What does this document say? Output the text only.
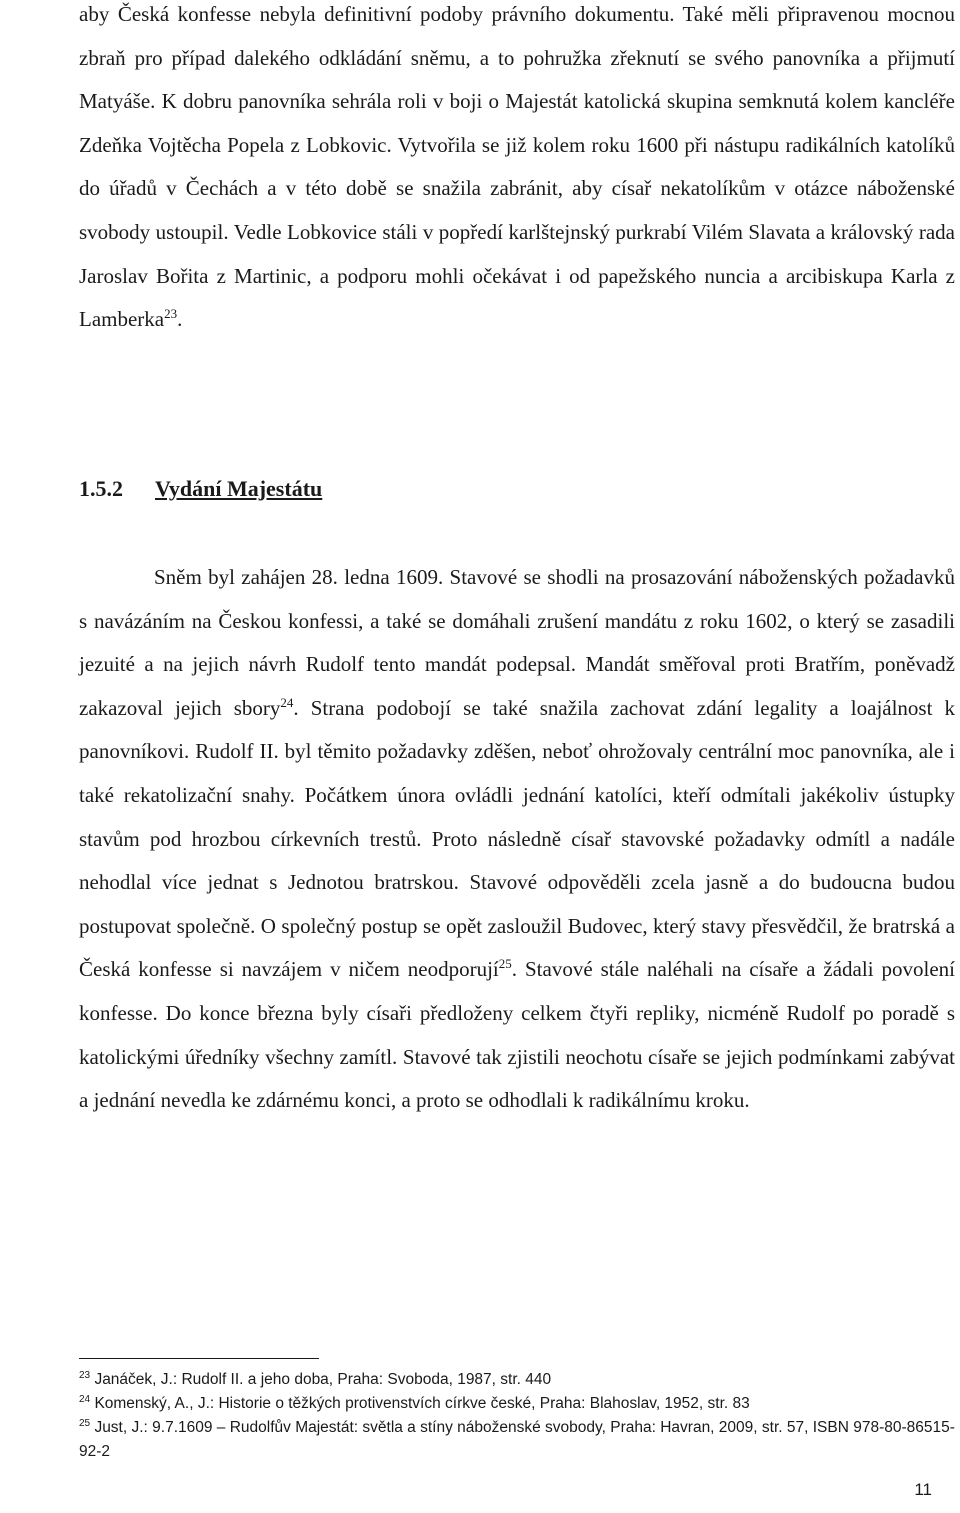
aby Česká konfesse nebyla definitivní podoby právního dokumentu. Také měli připravenou mocnou zbraň pro případ dalekého odkládání sněmu, a to pohružka zřeknutí se svého panovníka a přijmutí Matyáše. K dobru panovníka sehrála roli v boji o Majestát katolická skupina semknutá kolem kancléře Zdeňka Vojtěcha Popela z Lobkovic. Vytvořila se již kolem roku 1600 při nástupu radikálních katolíků do úřadů v Čechách a v této době se snažila zabránit, aby císař nekatolíkům v otázce náboženské svobody ustoupil. Vedle Lobkovice stáli v popředí karlštejnský purkrabí Vilém Slavata a královský rada Jaroslav Bořita z Martinic, a podporu mohli očekávat i od papežského nuncia a arcibiskupa Karla z Lamberka$^{23}$.

1.5.2 Vydání Majestátu

Sněm byl zahájen 28. ledna 1609. Stavové se shodli na prosazování náboženských požadavků s navázáním na Českou konfessi, a také se domáhali zrušení mandátu z roku 1602, o který se zasadili jezuité a na jejich návrh Rudolf tento mandát podepsal. Mandát směřoval proti Bratřím, poněvadž zakazoval jejich sbory$^{24}$. Strana podobojí se také snažila zachovat zdání legality a loajálnost k panovníkovi. Rudolf II. byl těmito požadavky zděšen, neboť ohrožovaly centrální moc panovníka, ale i také rekatolizační snahy. Počátkem února ovládli jednání katolíci, kteří odmítali jakékoliv ústupky stavům pod hrozbou církevních trestů. Proto následně císař stavovské požadavky odmítl a nadále nehodlal více jednat s Jednotou bratrskou. Stavové odpověděli zcela jasně a do budoucna budou postupovat společně. O společný postup se opět zasloužil Budovec, který stavy přesvědčil, že bratrská a Česká konfesse si navzájem v ničem neodporují$^{25}$. Stavové stále naléhali na císaře a žádali povolení konfesse. Do konce března byly císaři předloženy celkem čtyři repliky, nicméně Rudolf po poradě s katolickými úředníky všechny zamítl. Stavové tak zjistili neochotu císaře se jejich podmínkami zabývat a jednání nevedla ke zdárnému konci, a proto se odhodlali k radikálnímu kroku.

$^{23}$ Janáček, J.: Rudolf II. a jeho doba, Praha: Svoboda, 1987, str. 440

$^{24}$ Komenský, A., J.: Historie o těžkých protivenstvích církve české, Praha: Blahoslav, 1952, str. 83

$^{25}$ Just, J.: 9.7.1609 – Rudolfův Majestát: světla a stíny náboženské svobody, Praha: Havran, 2009, str. 57, ISBN 978-80-86515-92-2

11
